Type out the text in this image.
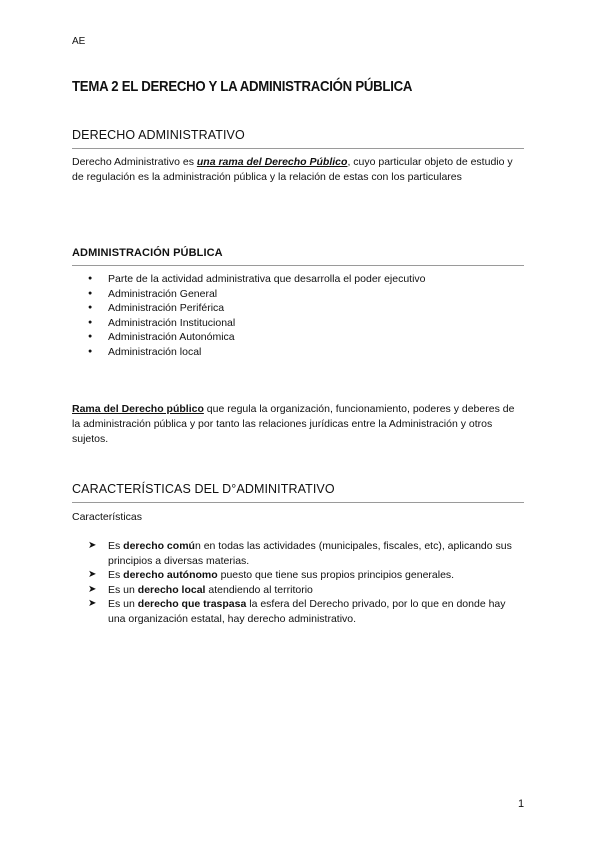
AE
TEMA 2 EL DERECHO Y LA ADMINISTRACIÓN PÚBLICA
DERECHO ADMINISTRATIVO

Derecho Administrativo es una rama del Derecho Público, cuyo particular objeto de estudio y de regulación es la administración pública y la relación de estas con los particulares

ADMINISTRACIÓN PÚBLICA
● Parte de la actividad administrativa que desarrolla el poder ejecutivo
● Administración General
● Administración Periférica
● Administración Institucional
● Administración Autonómica
● Administración local

Rama del Derecho público que regula la organización, funcionamiento, poderes y deberes de la administración pública y por tanto las relaciones jurídicas entre la Administración y otros sujetos.

CARACTERÍSTICAS DEL D°ADMINITRATIVO

Características

➤ Es derecho común en todas las actividades (municipales, fiscales, etc), aplicando sus principios a diversas materias.
➤ Es derecho autónomo puesto que tiene sus propios principios generales.
➤ Es un derecho local atendiendo al territorio
➤ Es un derecho que traspasa la esfera del Derecho privado, por lo que en donde hay una organización estatal, hay derecho administrativo.
1
